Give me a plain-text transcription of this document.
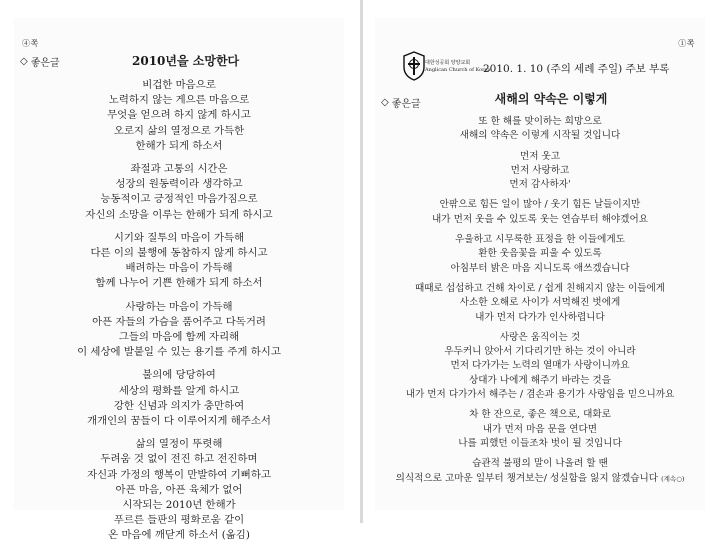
④쪽
◇ 좋은글	2010년을 소망한다
비겁한 마음으로
노력하지 않는 게으른 마음으로
무엇을 얻으려 하지 않게 하시고
오로지 삶의 열정으로 가득한
한해가 되게 하소서
좌절과 고통의 시간은
성장의 원동력이라 생각하고
능동적이고 긍정적인 마음가짐으로
자신의 소망을 이루는 한해가 되게 하시고
시기와 질투의 마음이 가득해
다른 이의 불행에 동참하지 않게 하시고
배려하는 마음이 가득해
함께 나누어 기쁜 한해가 되게 하소서
사랑하는 마음이 가득해
아픈 자들의 가슴을 품어주고 다독거려
그들의 마음에 함께 자리해
이 세상에 발붙일 수 있는 용기를 주게 하시고
불의에 당당하여
세상의 평화를 알게 하시고
강한 신념과 의지가 충만하여
개개인의 꿈들이 다 이루어지게 해주소서
삶의 열정이 뚜렷해
두려움 것 없이 전진 하고 전진하며
자신과 가정의 행복이 만발하여 기뻐하고
아픈 마음, 아픈 육체가 없어
시작되는 2010년 한해가
푸르른 들판의 평화로움 같이
온 마음에 깨닫게 하소서 (옮김)
①쪽
대한성공회 양양교회
Anglican Church of Korea
2010. 1. 10 (주의 세례 주일) 주보 부록
◇ 좋은글	새해의 약속은 이렇게
또 한 해를 맞이하는 희망으로
새해의 약속은 이렇게 시작될 것입니다
먼저 웃고
먼저 사랑하고
먼저 감사하자'
안팎으로 힘든 일이 많아 / 웃기 힘든 날들이지만
내가 먼저 웃을 수 있도록 웃는 연습부터 해야겠어요
우울하고 시무룩한 표정을 한 이들에게도
환한 웃음꽃을 피울 수 있도록
아침부터 밝은 마음 지니도록 애쓰겠습니다
때때로 섭섭하고 건해 차이로 / 쉽게 친해지지 않는 이들에게
사소한 오해로 사이가 서먹해진 벗에게
내가 먼저 다가가 인사하렵니다
사랑은 움직이는 것
우두커니 앉아서 기다리기만 하는 것이 아니라
먼저 다가가는 노력의 열매가 사랑이니까요
상대가 나에게 해주기 바라는 것을
내가 먼저 다가가서 해주는 / 겸손과 용기가 사랑임을 믿으니까요
차 한 잔으로, 좋은 책으로, 대화로
내가 먼저 마음 문을 연다면
나를 피했던 이들조차 벗이 될 것입니다
습관적 불평의 말이 나올려 할 땐
의식적으로 고마운 일부터 챙겨보는/ 성실함을 잃지 않겠습니다 (계속○)
